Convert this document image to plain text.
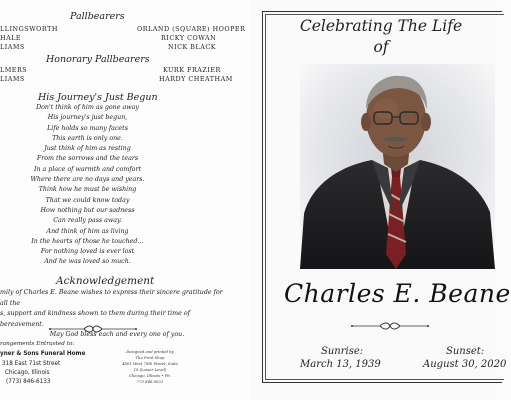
Pallbearers
LLINGSWORTH
HALE
LIAMS
ORLAND (SQUARE) HOOPER
RICKY COWAN
NICK BLACK
Honorary Pallbearers
LMERS
LIAMS
KURK FRAZIER
HARDY CHEATHAM
His Journey's Just Begun
Don't think of him as gone away
His journey's just begun,
Life holds so many facets
This earth is only one.
Just think of him as resting
From the sorrows and the tears
In a place of warmth and comfort
Where there are no days and years.
Think how he must be wishing
That we could know today
How nothing but our sadness
Can really pass away.
And think of him as living
In the hearts of those he touched…
For nothing loved is ever lost
And he was loved so much.
Acknowledgement
mily of Charles E. Beane wishes to express their sincere gratitude for all the
s, support and kindness shown to them during their time of bereavement.
May God bless each and every one of you.
rangements Entrusted to:
yner & Sons Funeral Home
318 East 71st Street
Chicago, Illinois
(773) 846-6133
Designed and printed by
The Print Shop
4801 West 79th Street, Suite 10 (Lower Level)
Chicago, Illinois • Ph: 773.846.9022
Celebrating The Life
of
Charles E. Beane
Sunrise:
March 13, 1939
Sunset:
August 30, 2020
